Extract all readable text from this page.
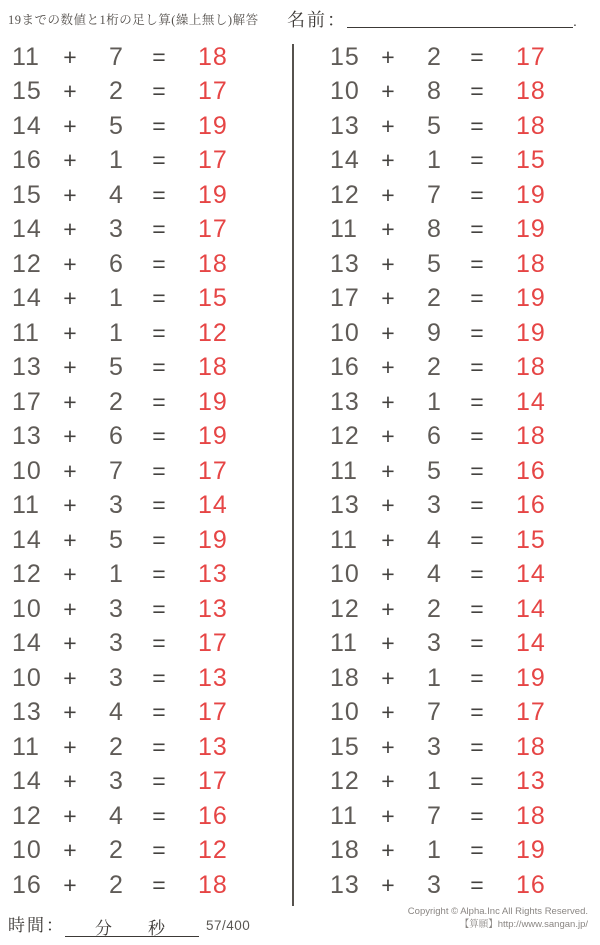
19までの数値と1桁の足し算(繰上無し)解答 名前：	.
11	+	7	=	18
15 +	2	=	17
14 +	5	=	19
16 +	1	=	17
15 +	4	=	19
14 +	3	=	17
12 +	6	=	18
14 +	1	=	15
11	+	1	=	12
13 +	5	=	18
17 +	2	=	19
13 +	6	=	19
10 +	7	=	17
11	+	3	=	14
14 +	5	=	19
12 +	1	=	13
10 +	3	=	13
14 +	3	=	17
10 +	3	=	13
13 +	4	=	17
11	+	2	=	13
14 +	3	=	17
12 +	4	=	16
10 +	2	=	12
16 +	2	=	18
15 +	2	=	17
10 +	8	=	18
13 +	5	=	18
14 +	1	=	15
12 +	7	=	19
11	+	8	=	19
13 +	5	=	18
17 +	2	=	19
10 +	9	=	19
16 +	2	=	18
13 +	1	=	14
12 +	6	=	18
11	+	5	=	16
13 +	3	=	16
11	+	4	=	15
10 +	4	=	14
12 +	2	=	14
11	+	3	=	14
18 +	1	=	19
10 +	7	=	17
15 +	3	=	18
12 +	1	=	13
11	+	7	=	18
18 +	1	=	19
13 +	3	=	16
時間： 分 秒	57/400
Copyright © Alpha.Inc All Rights Reserved.
【算願】http://www.sangan.jp/
